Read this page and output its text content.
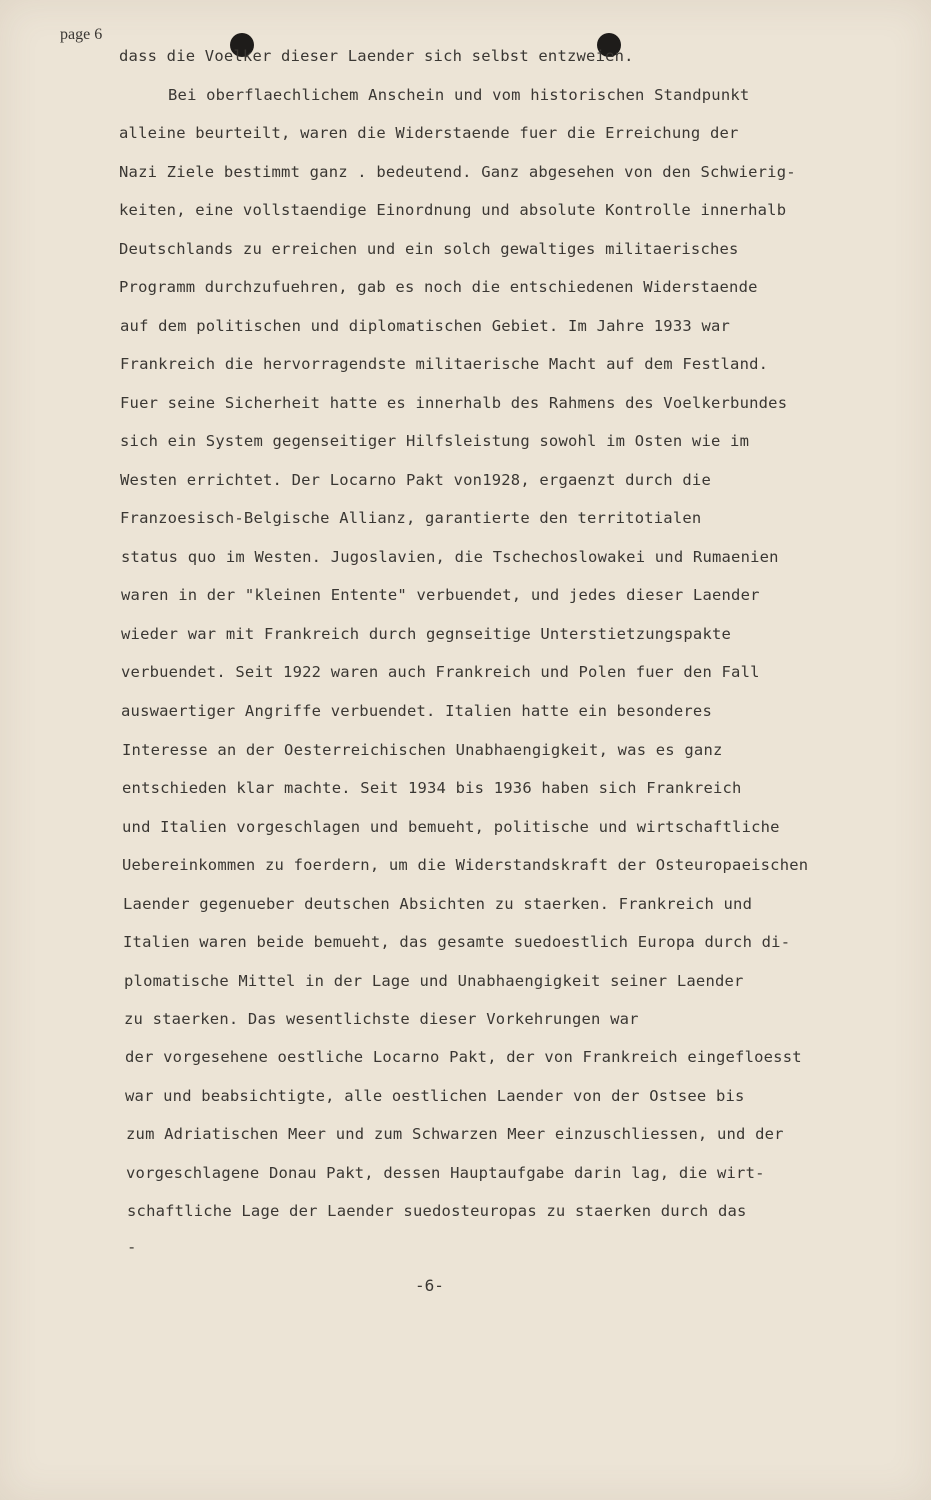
page 6
dass die Voelker dieser Laender sich selbst entzweien.
Bei oberflaechlichem Anschein und vom historischen Standpunkt
alleine beurteilt, waren die Widerstaende fuer die Erreichung der
Nazi Ziele bestimmt ganz . bedeutend. Ganz abgesehen von den Schwierig-
keiten, eine vollstaendige Einordnung und absolute Kontrolle innerhalb
Deutschlands zu erreichen und ein solch gewaltiges militaerisches
Programm durchzufuehren, gab es noch die entschiedenen Widerstaende
auf dem politischen und diplomatischen Gebiet. Im Jahre 1933 war
Frankreich die hervorragendste militaerische Macht auf dem Festland.
Fuer seine Sicherheit hatte es innerhalb des Rahmens des Voelkerbundes
sich ein System gegenseitiger Hilfsleistung sowohl im Osten wie im
Westen errichtet. Der Locarno Pakt von1928, ergaenzt durch die
Franzoesisch-Belgische Allianz, garantierte den territotialen
status quo im Westen. Jugoslavien, die Tschechoslowakei und Rumaenien
waren in der "kleinen Entente" verbuendet, und jedes dieser Laender
wieder war mit Frankreich durch gegnseitige Unterstietzungspakte
verbuendet. Seit 1922 waren auch Frankreich und Polen fuer den Fall
auswaertiger Angriffe verbuendet. Italien hatte ein besonderes
Interesse an der Oesterreichischen Unabhaengigkeit, was es ganz
entschieden klar machte. Seit 1934 bis 1936 haben sich Frankreich
und Italien vorgeschlagen und bemueht, politische und wirtschaftliche
Uebereinkommen zu foerdern, um die Widerstandskraft der Osteuropaeischen
Laender gegenueber deutschen Absichten zu staerken. Frankreich und
Italien waren beide bemueht, das gesamte suedoestlich Europa durch di-
plomatische Mittel in der Lage und Unabhaengigkeit seiner Laender
zu staerken. Das wesentlichste dieser Vorkehrungen war
der vorgesehene oestliche Locarno Pakt, der von Frankreich eingefloesst
war und beabsichtigte, alle oestlichen Laender von der Ostsee bis
zum Adriatischen Meer und zum Schwarzen Meer einzuschliessen, und der
vorgeschlagene Donau Pakt, dessen Hauptaufgabe darin lag, die wirt-
schaftliche Lage der Laender suedosteuropas zu staerken durch das
-
-6-
